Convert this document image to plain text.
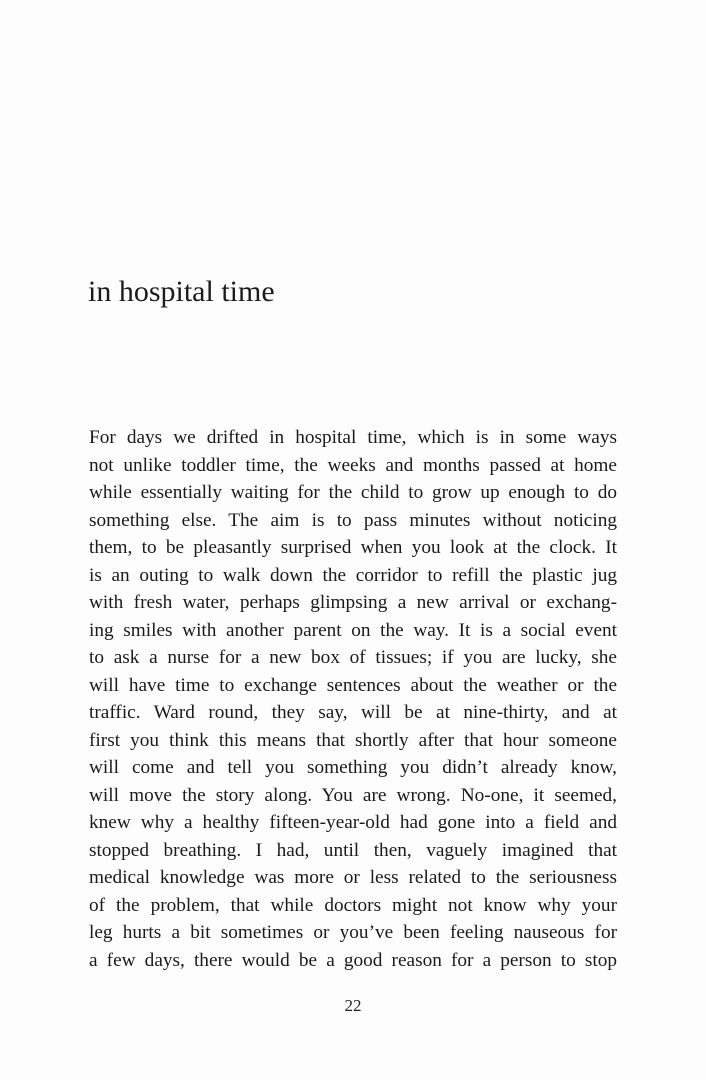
in hospital time
For days we drifted in hospital time, which is in some ways
not unlike toddler time, the weeks and months passed at home
while essentially waiting for the child to grow up enough to do
something else. The aim is to pass minutes without noticing
them, to be pleasantly surprised when you look at the clock. It
is an outing to walk down the corridor to refill the plastic jug
with fresh water, perhaps glimpsing a new arrival or exchang-
ing smiles with another parent on the way. It is a social event
to ask a nurse for a new box of tissues; if you are lucky, she
will have time to exchange sentences about the weather or the
traffic. Ward round, they say, will be at nine-thirty, and at
first you think this means that shortly after that hour someone
will come and tell you something you didn’t already know,
will move the story along. You are wrong. No-one, it seemed,
knew why a healthy fifteen-year-old had gone into a field and
stopped breathing. I had, until then, vaguely imagined that
medical knowledge was more or less related to the seriousness
of the problem, that while doctors might not know why your
leg hurts a bit sometimes or you’ve been feeling nauseous for
a few days, there would be a good reason for a person to stop
22
